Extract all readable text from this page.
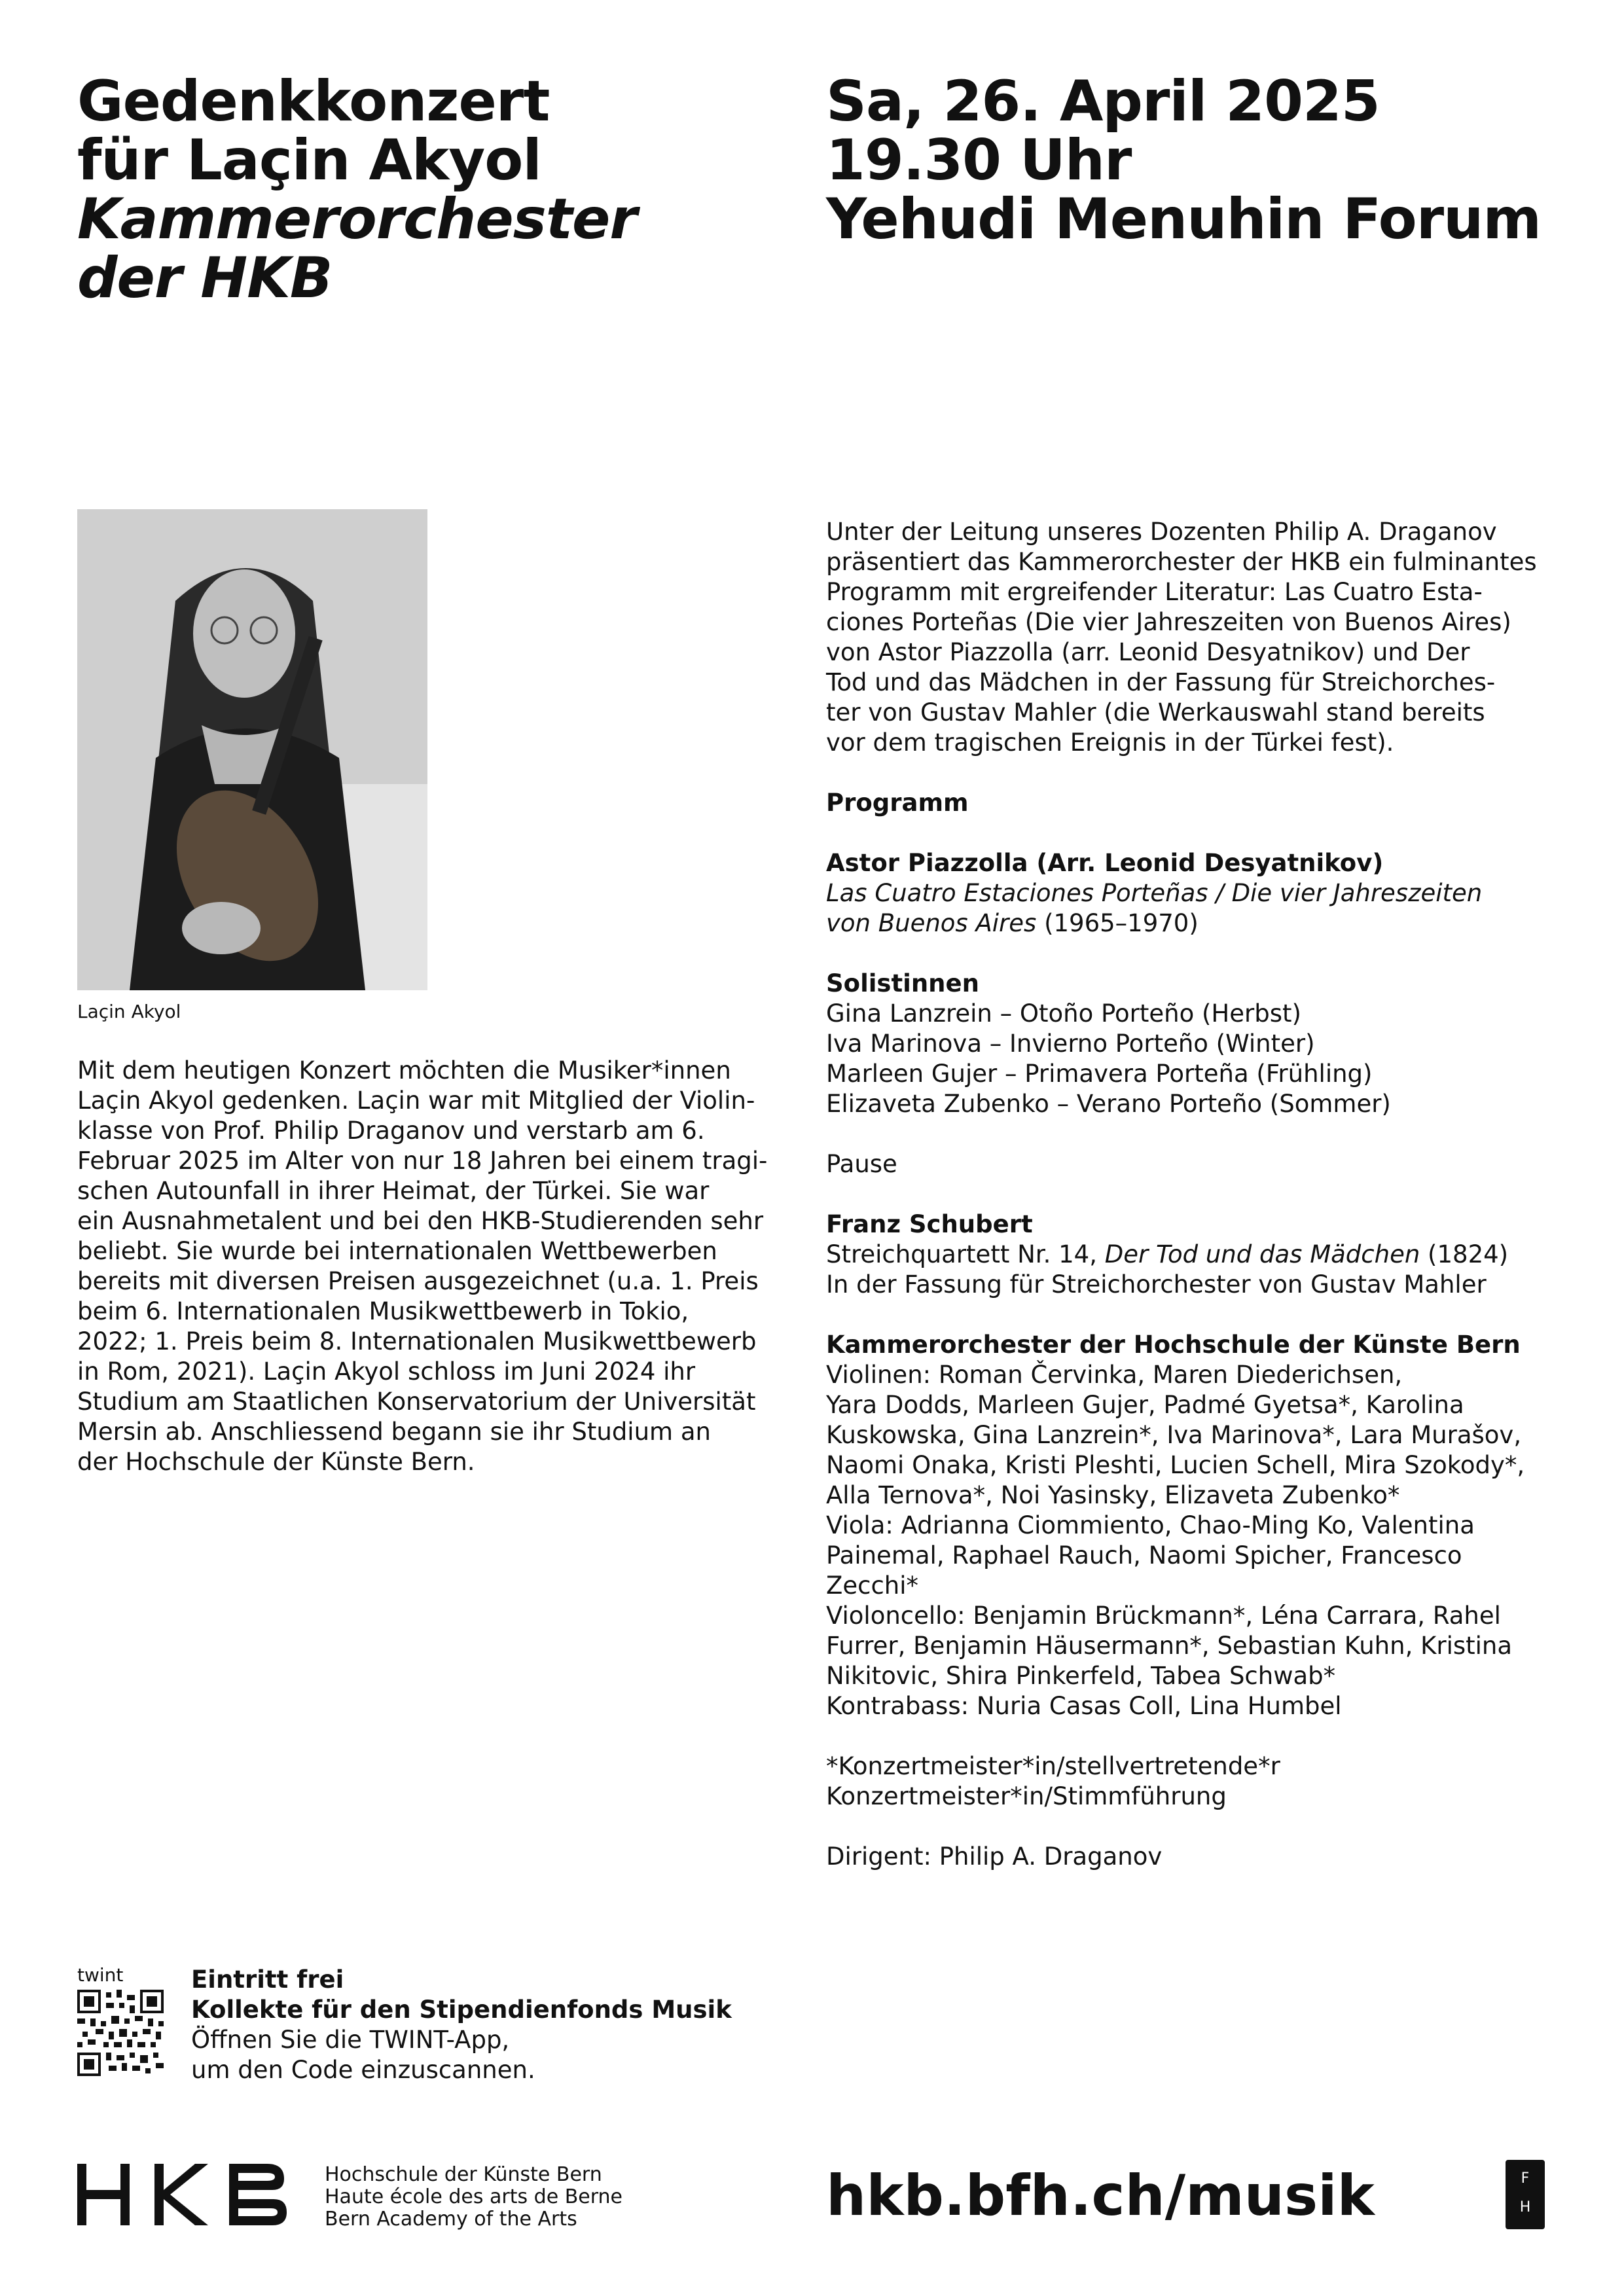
Gedenkkonzert
für Laçin Akyol
Kammerorchester
der HKB
Sa, 26. April 2025
19.30 Uhr
Yehudi Menuhin Forum
Laçin Akyol
Mit dem heutigen Konzert möchten die Musiker*innen
Laçin Akyol gedenken. Laçin war mit Mitglied der Violin-
klasse von Prof. Philip Draganov und verstarb am 6.
Februar 2025 im Alter von nur 18 Jahren bei einem tragi-
schen Autounfall in ihrer Heimat, der Türkei. Sie war
ein Ausnahmetalent und bei den HKB-Studierenden sehr
beliebt. Sie wurde bei internationalen Wettbewerben
bereits mit diversen Preisen ausgezeichnet (u.a. 1. Preis
beim 6. Internationalen Musikwettbewerb in Tokio,
2022; 1. Preis beim 8. Internationalen Musikwettbewerb
in Rom, 2021). Laçin Akyol schloss im Juni 2024 ihr
Studium am Staatlichen Konservatorium der Universität
Mersin ab. Anschliessend begann sie ihr Studium an
der Hochschule der Künste Bern.
Unter der Leitung unseres Dozenten Philip A. Draganov
präsentiert das Kammerorchester der HKB ein fulminantes
Programm mit ergreifender Literatur: Las Cuatro Esta-
ciones Porteñas (Die vier Jahreszeiten von Buenos Aires)
von Astor Piazzolla (arr. Leonid Desyatnikov) und Der
Tod und das Mädchen in der Fassung für Streichorches-
ter von Gustav Mahler (die Werkauswahl stand bereits
vor dem tragischen Ereignis in der Türkei fest).
Programm
Astor Piazzolla (Arr. Leonid Desyatnikov)
Las Cuatro Estaciones Porteñas / Die vier Jahreszeiten
von Buenos Aires (1965–1970)
Solistinnen
Gina Lanzrein – Otoño Porteño (Herbst)
Iva Marinova – Invierno Porteño (Winter)
Marleen Gujer – Primavera Porteña (Frühling)
Elizaveta Zubenko – Verano Porteño (Sommer)
Pause
Franz Schubert
Streichquartett Nr. 14, Der Tod und das Mädchen (1824)
In der Fassung für Streichorchester von Gustav Mahler
Kammerorchester der Hochschule der Künste Bern
Violinen: Roman Červinka, Maren Diederichsen,
Yara Dodds, Marleen Gujer, Padmé Gyetsa*, Karolina
Kuskowska, Gina Lanzrein*, Iva Marinova*, Lara Murašov,
Naomi Onaka, Kristi Pleshti, Lucien Schell, Mira Szokody*,
Alla Ternova*, Noi Yasinsky, Elizaveta Zubenko*
Viola: Adrianna Ciommiento, Chao-Ming Ko, Valentina
Painemal, Raphael Rauch, Naomi Spicher, Francesco
Zecchi*
Violoncello: Benjamin Brückmann*, Léna Carrara, Rahel
Furrer, Benjamin Häusermann*, Sebastian Kuhn, Kristina
Nikitovic, Shira Pinkerfeld, Tabea Schwab*
Kontrabass: Nuria Casas Coll, Lina Humbel
*Konzertmeister*in/stellvertretende*r
Konzertmeister*in/Stimmführung
Dirigent: Philip A. Draganov
twint	Eintritt frei
Kollekte für den Stipendienfonds Musik
Öffnen Sie die TWINT-App,
um den Code einzuscannen.
Hochschule der Künste Bern
Haute école des arts de Berne
Bern Academy of the Arts	hkb.bfh.ch/musik	F
H
